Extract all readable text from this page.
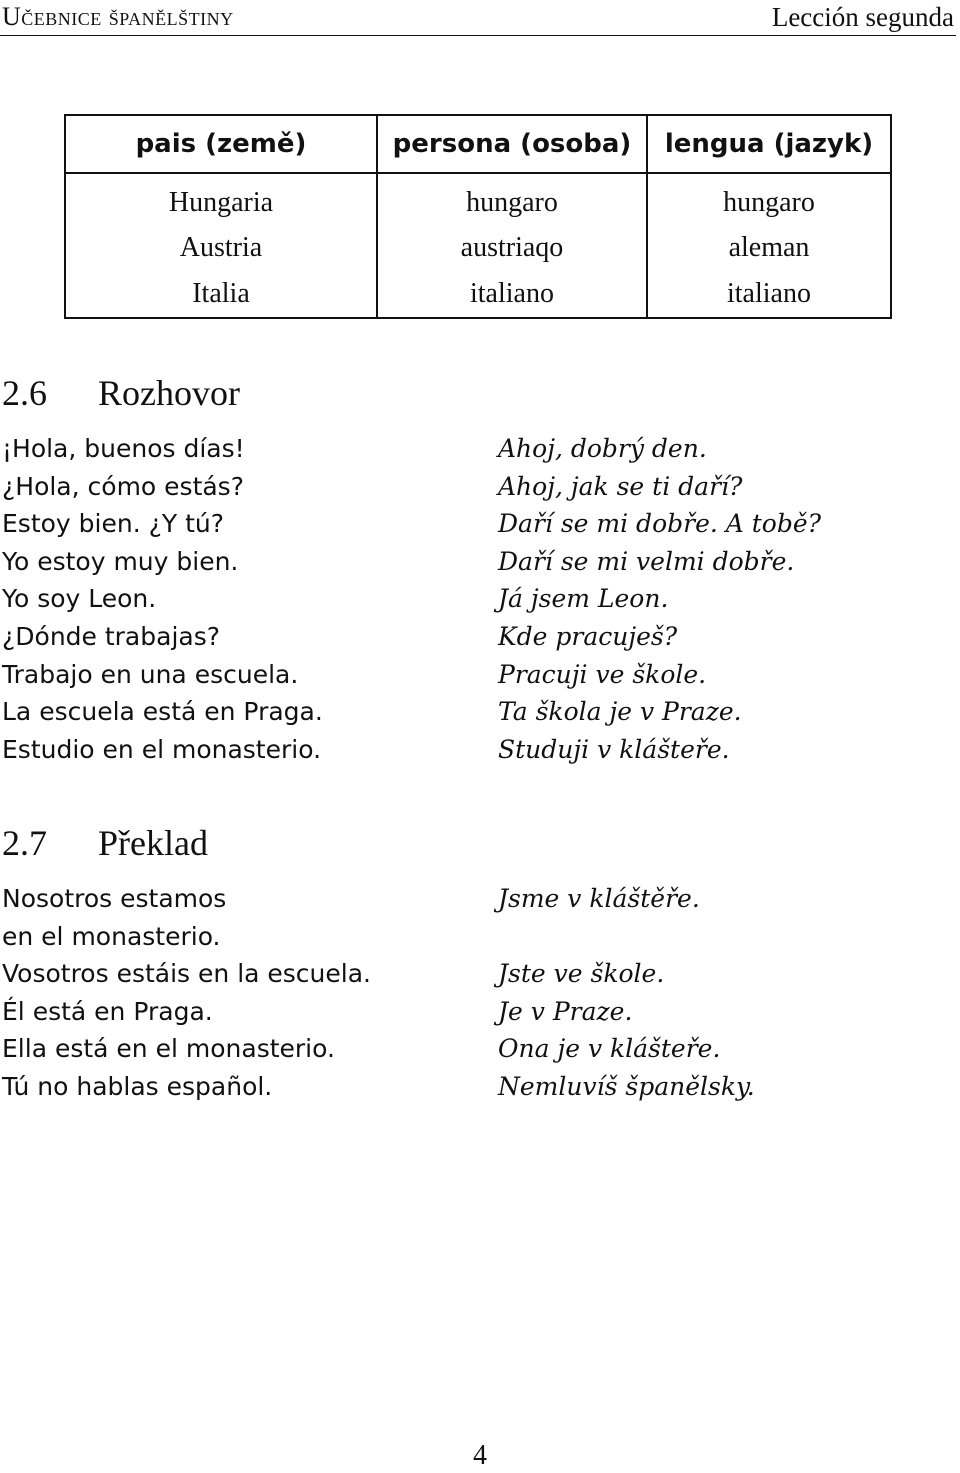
Učebnice španělštiny	Lección segunda
pais (země)	persona (osoba)	lengua (jazyk)

Hungaria	hungaro	hungaro
Austria	austriaqo	aleman
Italia	italiano	italiano
2.6 Rozhovor
¡Hola, buenos días!	Ahoj, dobrý den.
¿Hola, cómo estás?	Ahoj, jak se ti daří?
Estoy bien. ¿Y tú?	Daří se mi dobře. A tobě?
Yo estoy muy bien.	Daří se mi velmi dobře.
Yo soy Leon.	Já jsem Leon.
¿Dónde trabajas?	Kde pracuješ?
Trabajo en una escuela.	Pracuji ve škole.
La escuela está en Praga.	Ta škola je v Praze.
Estudio en el monasterio.	Studuji v klášteře.
2.7 Překlad
Nosotros estamos	Jsme v kláštěře.
en el monasterio.
Vosotros estáis en la escuela.	Jste ve škole.
Él está en Praga.	Je v Praze.
Ella está en el monasterio.	Ona je v klášteře.
Tú no hablas español.	Nemluvíš španělsky.
4
